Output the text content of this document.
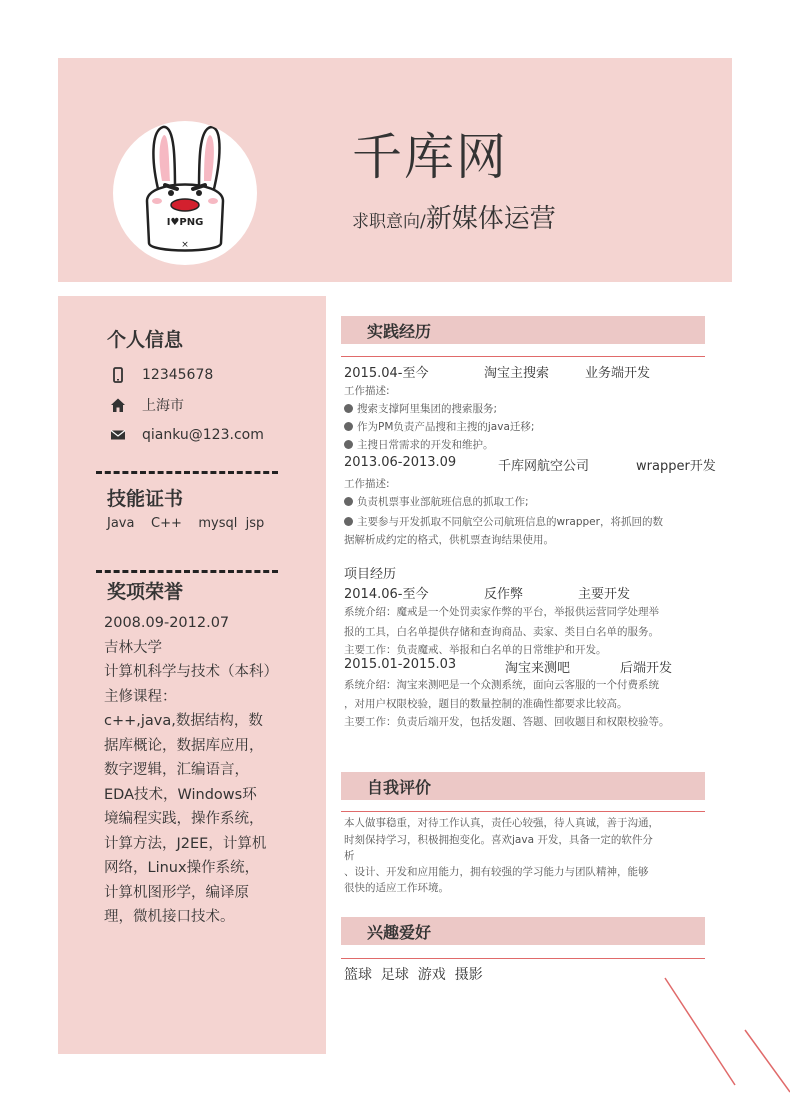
I♥PNG
×
千库网
求职意向/新媒体运营
个人信息
12345678
上海市
qianku@123.com
技能证书
Java    C++    mysql  jsp
奖项荣誉
2008.09-2012.07
吉林大学
计算机科学与技术（本科）
主修课程：
c++,java,数据结构，数
据库概论，数据库应用，
数字逻辑，汇编语言，
EDA技术，Windows环
境编程实践，操作系统，
计算方法，J2EE，计算机
网络，Linux操作系统，
计算机图形学，编译原
理，微机接口技术。
实践经历
2015.04-至今	淘宝主搜索	业务端开发
工作描述:
搜索支撑阿里集团的搜索服务;
作为PM负责产品搜和主搜的java迁移;
主搜日常需求的开发和维护。
2013.06-2013.09	千库网航空公司	wrapper开发
工作描述:
负责机票事业部航班信息的抓取工作;
主要参与开发抓取不同航空公司航班信息的wrapper，将抓回的数
据解析成约定的格式，供机票查询结果使用。
项目经历
2014.06-至今	反作弊	主要开发
系统介绍：魔戒是一个处罚卖家作弊的平台，举报供运营同学处理举
报的工具，白名单提供存储和查询商品、卖家、类目白名单的服务。
主要工作：负责魔戒、举报和白名单的日常维护和开发。
2015.01-2015.03	淘宝来测吧	后端开发
系统介绍：淘宝来测吧是一个众测系统，面向云客服的一个付费系统
，对用户权限校验，题目的数量控制的准确性都要求比较高。
主要工作：负责后端开发，包括发题、答题、回收题目和权限校验等。
自我评价
本人做事稳重，对待工作认真，责任心较强，待人真诚，善于沟通，
时刻保持学习，积极拥抱变化。喜欢java 开发，具备一定的软件分
析
、设计、开发和应用能力，拥有较强的学习能力与团队精神，能够
很快的适应工作环境。
兴趣爱好
篮球  足球  游戏  摄影
